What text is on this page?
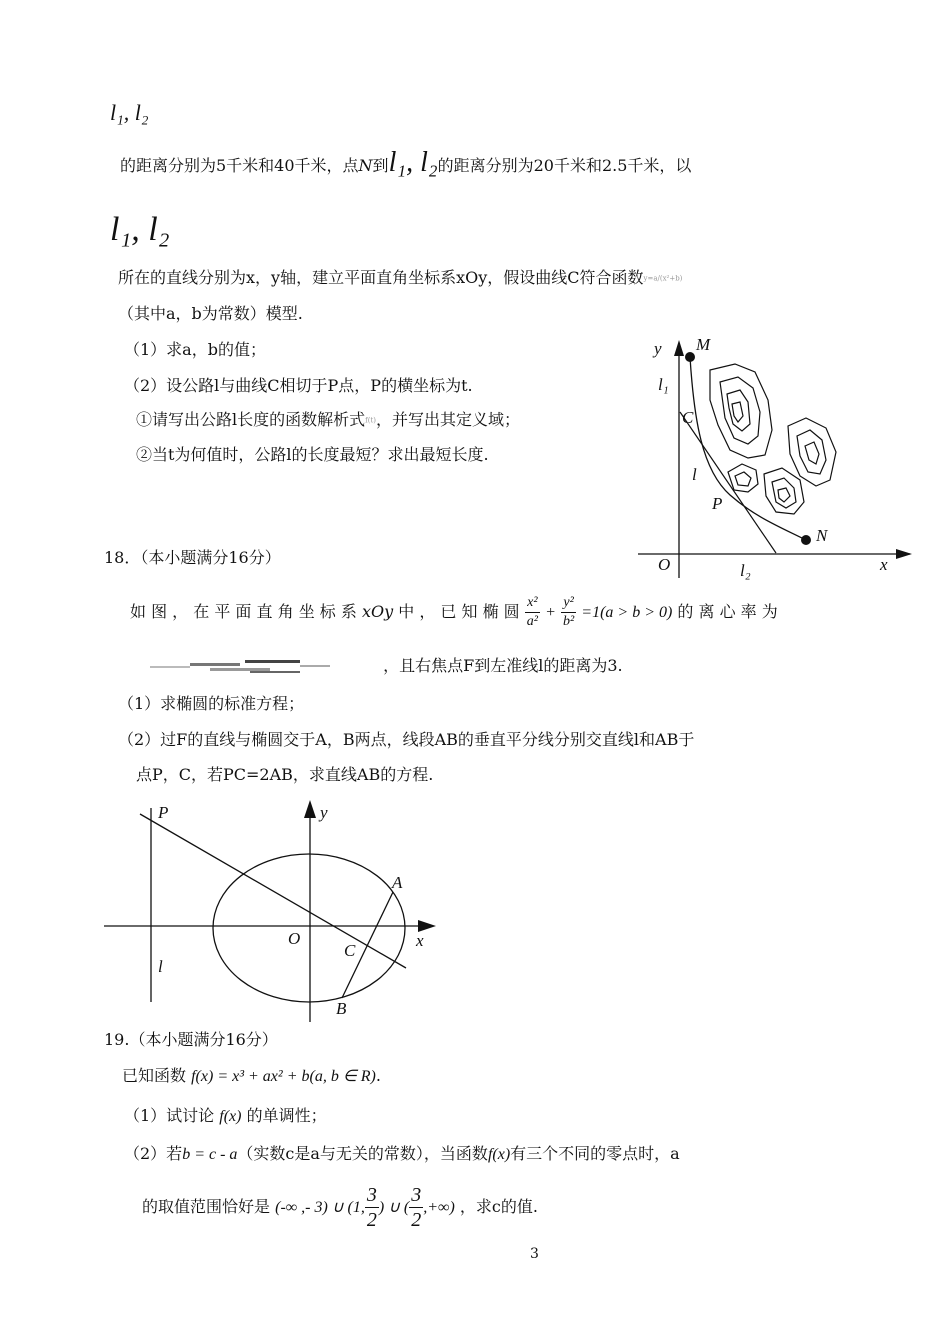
l₁, l₂
的距离分别为5千米和40千米，点N到l₁, l₂的距离分别为20千米和2.5千米，以
l₁, l₂
所在的直线分别为x，y轴，建立平面直角坐标系xOy，假设曲线C符合函数y=a/(x²+b)
（其中a，b为常数）模型.
（1）求a，b的值；
（2）设公路l与曲线C相切于P点，P的横坐标为t.
①请写出公路l长度的函数解析式f(t)，并写出其定义域；
②当t为何值时，公路l的长度最短？求出最短长度.
y M
l₁
C
l
P
N
O	l₂	x
18．（本小题满分16分）
如 图 ， 在 平 面 直 角 坐 标 系 xOy 中 ， 已 知 椭 圆 $\frac{\text{x²}}{\text{a²}} + \frac{\text{y²}}{\text{b²}} =1(a > b > 0)$ 的 离 心 率 为
，且右焦点F到左准线l的距离为3.
（1）求椭圆的标准方程；
（2）过F的直线与椭圆交于A，B两点，线段AB的垂直平分线分别交直线l和AB于
点P，C，若PC=2AB，求直线AB的方程.
P	y
A
O	x
C
l
B
19.（本小题满分16分）
已知函数 f(x) = x³ + ax² + b(a, b ∈ R).
（1）试讨论 f(x) 的单调性；
（2）若b = c - a（实数c是a与无关的常数），当函数f(x)有三个不同的零点时，a
的取值范围恰好是 (-∞ ,- 3) ∪ (1, $\frac{3}{2}$ ) ∪ ( $\frac{3}{2}$ ,+∞) ，求c的值.
3
